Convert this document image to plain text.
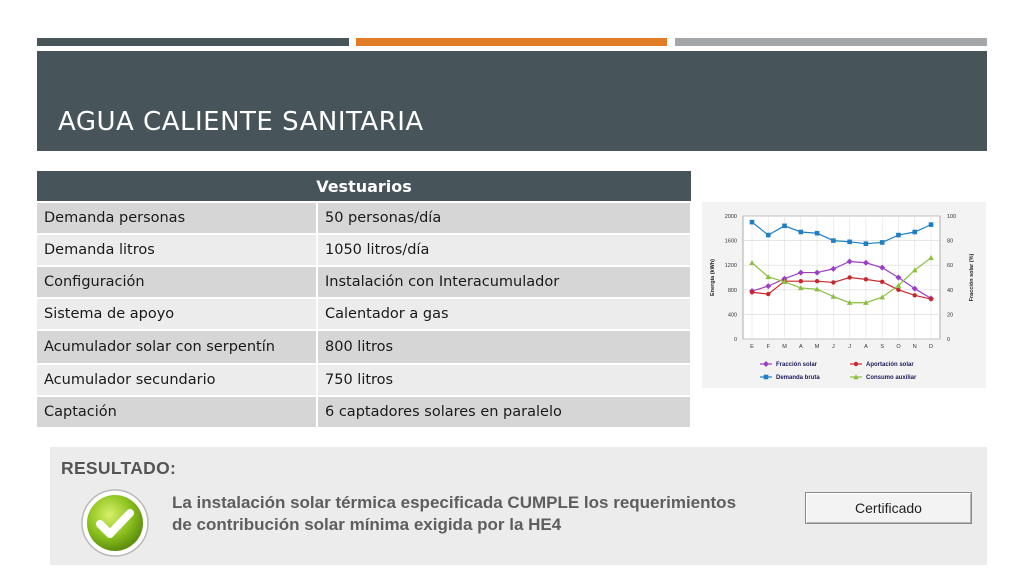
AGUA CALIENTE SANITARIA
Vestuarios	
Demanda personas	50 personas/día
Demanda litros	1050 litros/día
Configuración	Instalación con Interacumulador
Sistema de apoyo	Calentador a gas
Acumulador solar con serpentín	800 litros
Acumulador secundario	750 litros
Captación	6 captadores solares en paralelo
0
400
800
1200
1600
2000
0
20
40
60
80
100
E F M A M J J A S O N D
Energía (kWh)	Fracción solar (%)
Fracción solar	Aportación solar
Demanda bruta	Consumo auxiliar
RESULTADO:
La instalación solar térmica especificada CUMPLE los requerimientos
de contribución solar mínima exigida por la HE4
Certificado
